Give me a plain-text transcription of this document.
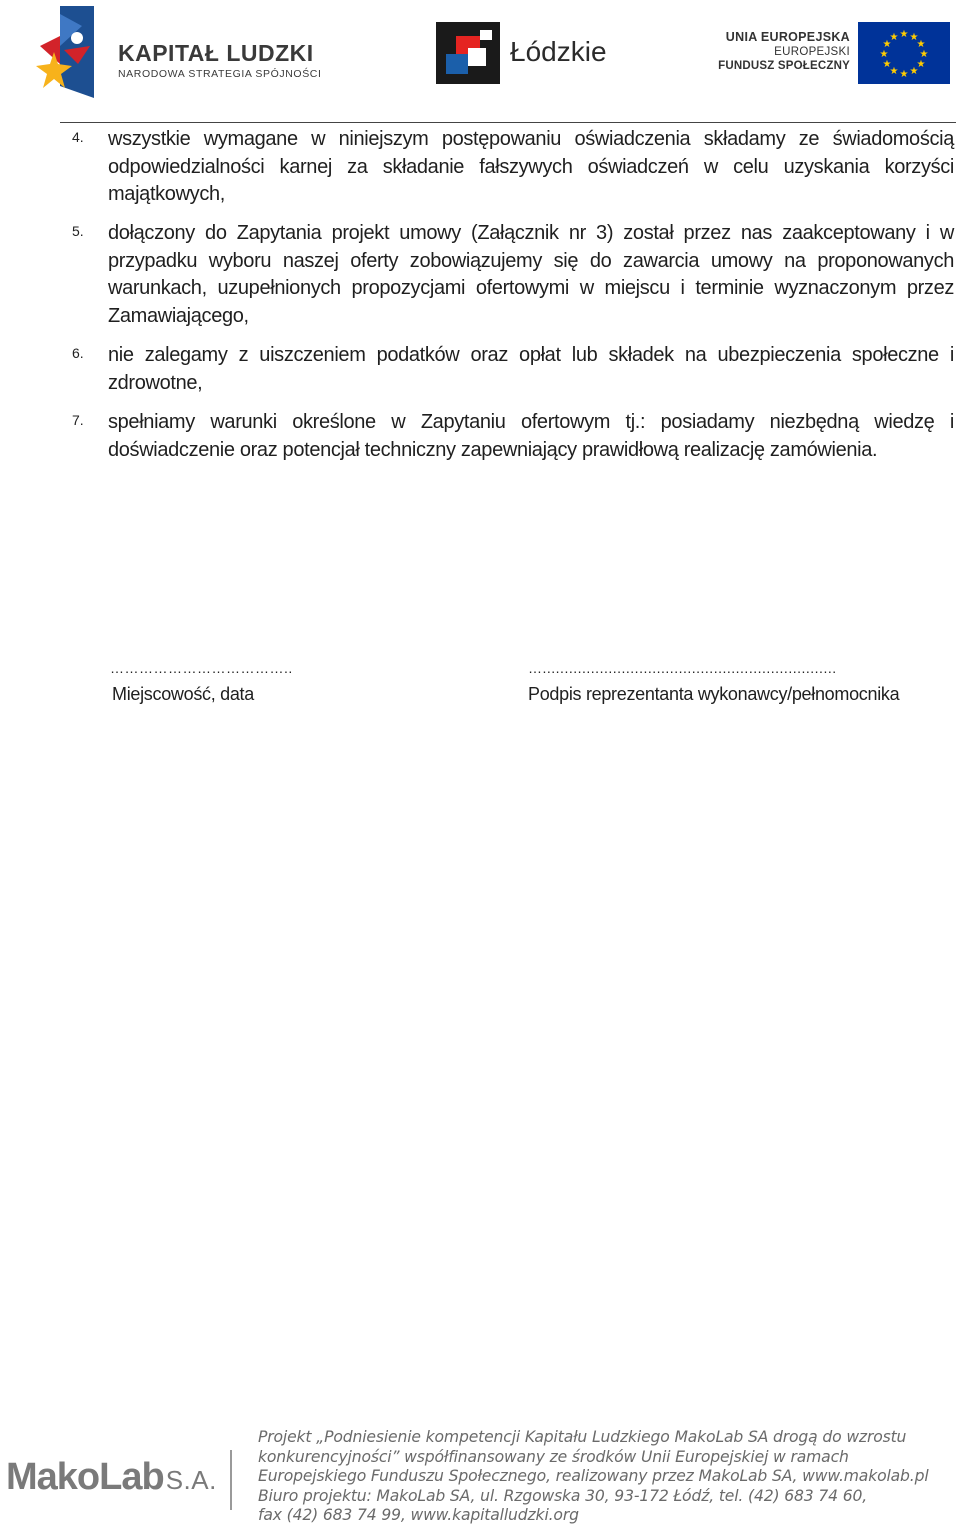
KAPITAŁ LUDZKI
NARODOWA STRATEGIA SPÓJNOŚCI
Łódzkie	UNIA EUROPEJSKA
EUROPEJSKI
FUNDUSZ SPOŁECZNY
★ ★
★
★
★
★
★
★
★
★
★
★
4. wszystkie wymagane w niniejszym postępowaniu oświadczenia składamy ze świadomością odpowiedzialności karnej za składanie fałszywych oświadczeń w celu uzyskania korzyści majątkowych,
5. dołączony do Zapytania projekt umowy (Załącznik nr 3) został przez nas zaakceptowany i w przypadku wyboru naszej oferty zobowiązujemy się do zawarcia umowy na proponowanych warunkach, uzupełnionych propozycjami ofertowymi w miejscu i terminie wyznaczonym przez Zamawiającego,
6. nie zalegamy z uiszczeniem podatków oraz opłat lub składek na ubezpieczenia społeczne i zdrowotne,
7. spełniamy warunki określone w Zapytaniu ofertowym tj.: posiadamy niezbędną wiedzę i doświadczenie oraz potencjał techniczny zapewniający prawidłową realizację zamówienia.
………………………………..
Miejscowość, data
…...................................................................
Podpis reprezentanta wykonawcy/pełnomocnika
MakoLabS.A.
Projekt „Podniesienie kompetencji Kapitału Ludzkiego MakoLab SA drogą do wzrostu
konkurencyjności” współfinansowany ze środków Unii Europejskiej w ramach
Europejskiego Funduszu Społecznego, realizowany przez MakoLab SA, www.makolab.pl
Biuro projektu: MakoLab SA, ul. Rzgowska 30, 93-172 Łódź, tel. (42) 683 74 60,
fax (42) 683 74 99, www.kapitalludzki.org
